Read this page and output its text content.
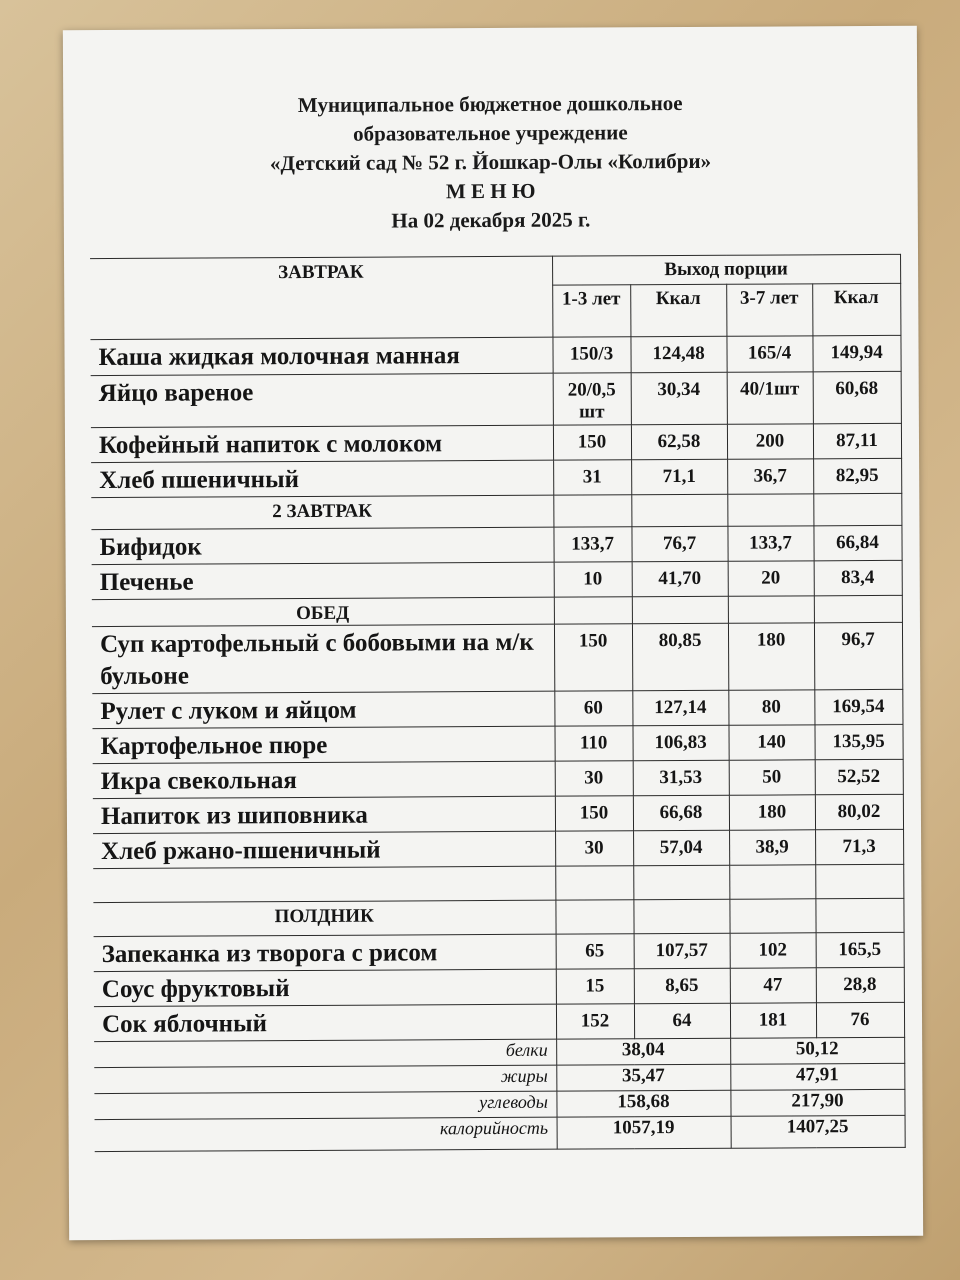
Муниципальное бюджетное дошкольное
образовательное учреждение
«Детский сад № 52 г. Йошкар-Олы «Колибри»
М Е Н Ю
На 02 декабря 2025 г.
ЗАВТРАК	Выход порции			
	1-3 лет	Ккал	3-7 лет	Ккал
Каша жидкая молочная манная	150/3	124,48	165/4	149,94
Яйцо вареное	20/0,5 шт	30,34	40/1шт	60,68
Кофейный напиток с молоком	150	62,58	200	87,11
Хлеб пшеничный	31	71,1	36,7	82,95
2 ЗАВТРАК				
Бифидок	133,7	76,7	133,7	66,84
Печенье	10	41,70	20	83,4
ОБЕД				
Суп картофельный с бобовыми на м/к бульоне	150	80,85	180	96,7
Рулет с луком и яйцом	60	127,14	80	169,54
Картофельное пюре	110	106,83	140	135,95
Икра свекольная	30	31,53	50	52,52
Напиток из шиповника	150	66,68	180	80,02
Хлеб ржано-пшеничный	30	57,04	38,9	71,3

ПОЛДНИК				
Запеканка из творога с рисом	65	107,57	102	165,5
Соус фруктовый	15	8,65	47	28,8
Сок яблочный	152	64	181	76
белки	38,04		50,12	
жиры	35,47		47,91	
углеводы	158,68		217,90	
калорийность	1057,19		1407,25	
